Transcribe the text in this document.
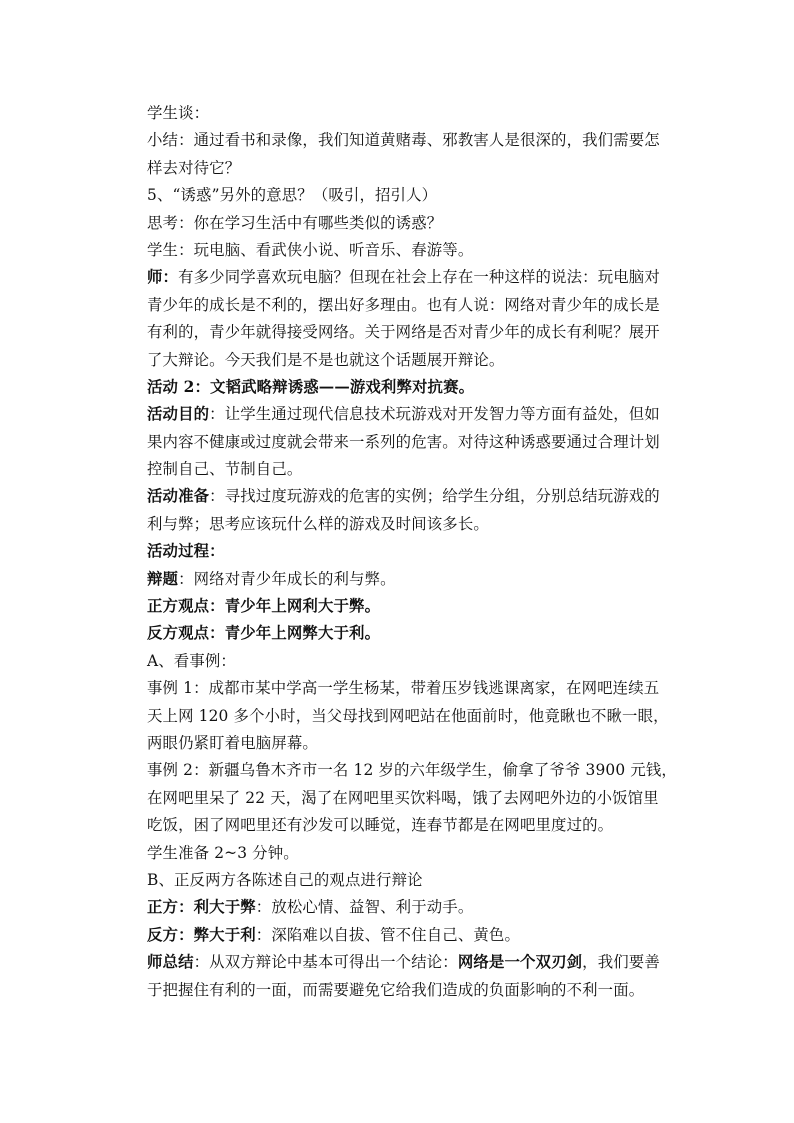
学生谈：
小结：通过看书和录像，我们知道黄赌毒、邪教害人是很深的，我们需要怎
样去对待它？
5、“诱惑”另外的意思？（吸引，招引人）
思考：你在学习生活中有哪些类似的诱惑？
学生：玩电脑、看武侠小说、听音乐、春游等。
师：有多少同学喜欢玩电脑？但现在社会上存在一种这样的说法：玩电脑对
青少年的成长是不利的，摆出好多理由。也有人说：网络对青少年的成长是
有利的，青少年就得接受网络。关于网络是否对青少年的成长有利呢？展开
了大辩论。今天我们是不是也就这个话题展开辩论。
活动 2：文韬武略辩诱惑——游戏利弊对抗赛。
活动目的：让学生通过现代信息技术玩游戏对开发智力等方面有益处，但如
果内容不健康或过度就会带来一系列的危害。对待这种诱惑要通过合理计划
控制自己、节制自己。
活动准备：寻找过度玩游戏的危害的实例；给学生分组，分别总结玩游戏的
利与弊；思考应该玩什么样的游戏及时间该多长。
活动过程：
辩题：网络对青少年成长的利与弊。
正方观点：青少年上网利大于弊。
反方观点：青少年上网弊大于利。
A、看事例：
事例 1：成都市某中学高一学生杨某，带着压岁钱逃课离家，在网吧连续五
天上网 120 多个小时，当父母找到网吧站在他面前时，他竟瞅也不瞅一眼，
两眼仍紧盯着电脑屏幕。
事例 2：新疆乌鲁木齐市一名 12 岁的六年级学生，偷拿了爷爷 3900 元钱，
在网吧里呆了 22 天，渴了在网吧里买饮料喝，饿了去网吧外边的小饭馆里
吃饭，困了网吧里还有沙发可以睡觉，连春节都是在网吧里度过的。
学生准备 2~3 分钟。
B、正反两方各陈述自己的观点进行辩论
正方：利大于弊：放松心情、益智、利于动手。
反方：弊大于利：深陷难以自拔、管不住自己、黄色。
师总结：从双方辩论中基本可得出一个结论：网络是一个双刃剑，我们要善
于把握住有利的一面，而需要避免它给我们造成的负面影响的不利一面。
